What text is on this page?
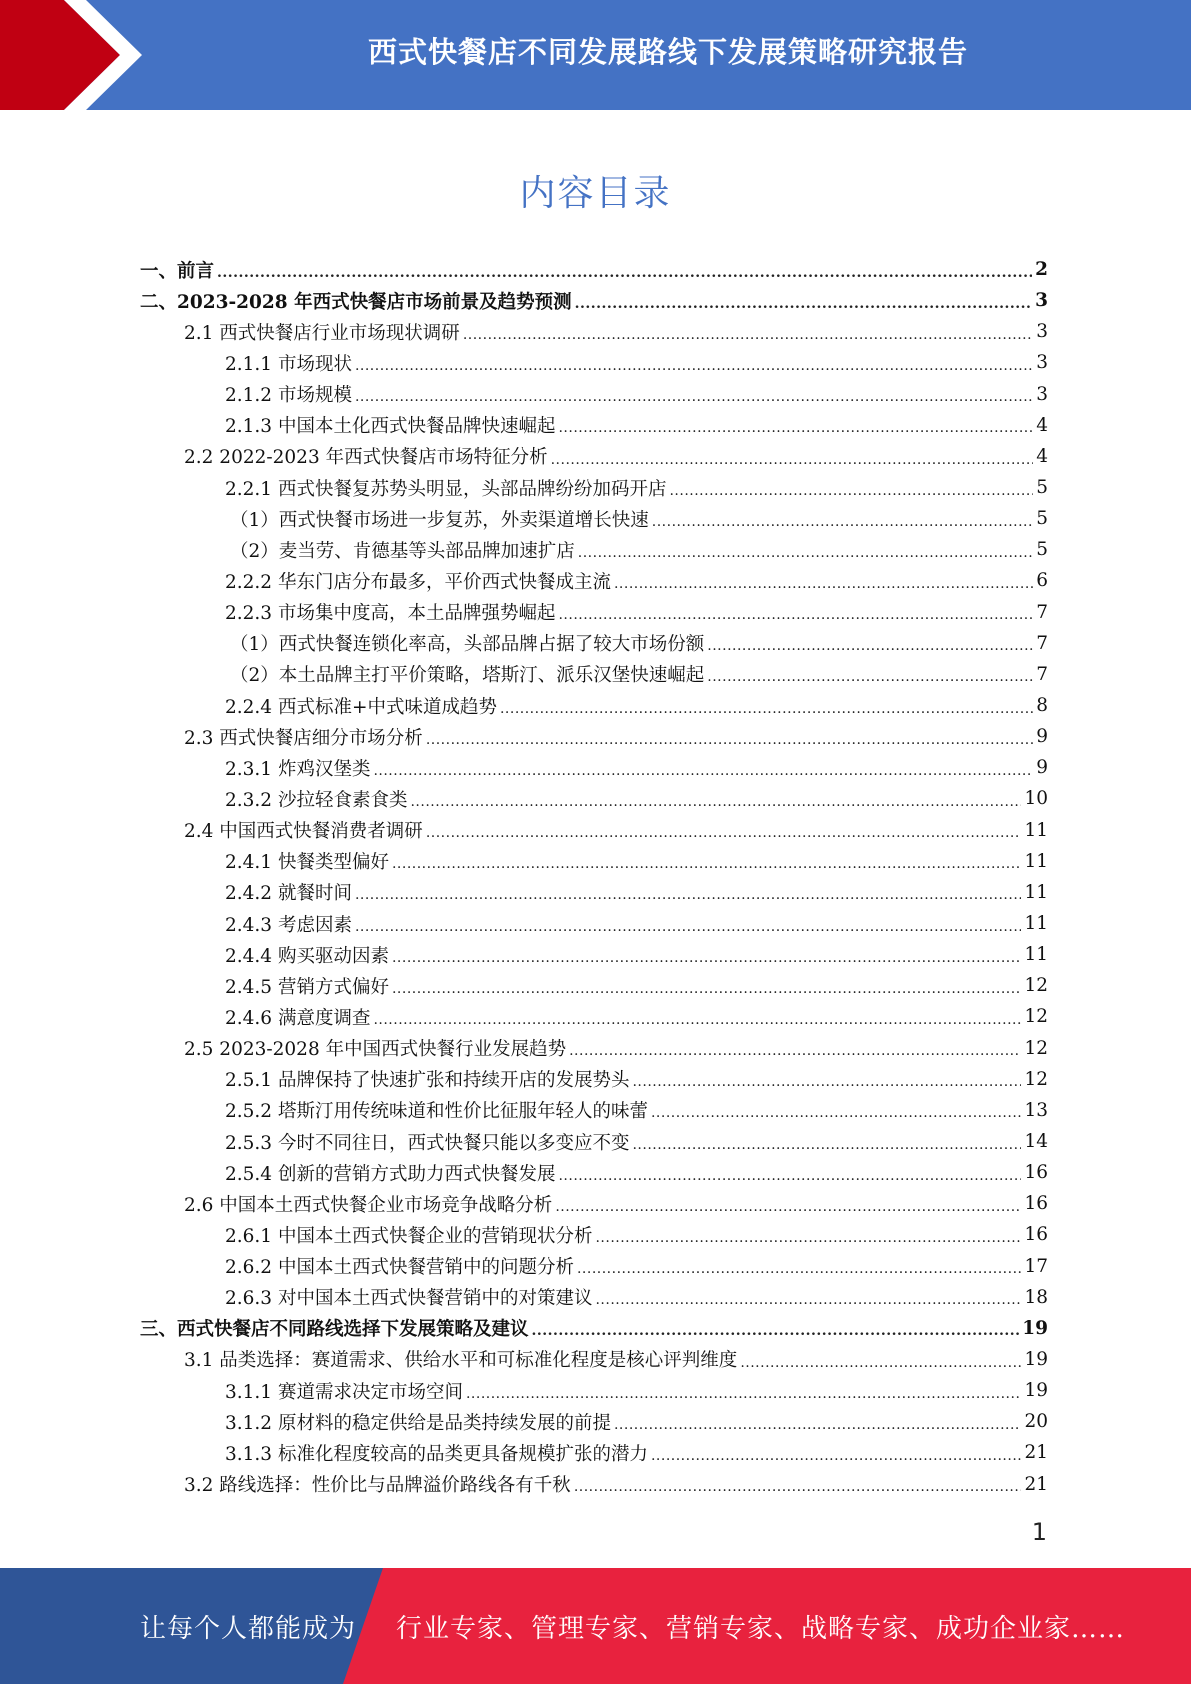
西式快餐店不同发展路线下发展策略研究报告
内容目录
一、前言 .....	2
二、2023-2028 年西式快餐店市场前景及趋势预测 .....	3
2.1 西式快餐店行业市场现状调研 .....	3
2.1.1 市场现状 .....	3
2.1.2 市场规模 .....	3
2.1.3 中国本土化西式快餐品牌快速崛起 .....	4
2.2 2022-2023 年西式快餐店市场特征分析 .....	4
2.2.1 西式快餐复苏势头明显，头部品牌纷纷加码开店 .....	5
（1）西式快餐市场进一步复苏，外卖渠道增长快速 .....	5
（2）麦当劳、肯德基等头部品牌加速扩店 .....	5
2.2.2 华东门店分布最多，平价西式快餐成主流 .....	6
2.2.3 市场集中度高，本土品牌强势崛起 .....	7
（1）西式快餐连锁化率高，头部品牌占据了较大市场份额 .....	7
（2）本土品牌主打平价策略，塔斯汀、派乐汉堡快速崛起 .....	7
2.2.4 西式标准+中式味道成趋势 .....	8
2.3 西式快餐店细分市场分析 .....	9
2.3.1 炸鸡汉堡类 .....	9
2.3.2 沙拉轻食素食类 .....	10
2.4 中国西式快餐消费者调研 .....	11
2.4.1 快餐类型偏好 .....	11
2.4.2 就餐时间 .....	11
2.4.3 考虑因素 .....	11
2.4.4 购买驱动因素 .....	11
2.4.5 营销方式偏好 .....	12
2.4.6 满意度调查 .....	12
2.5 2023-2028 年中国西式快餐行业发展趋势 .....	12
2.5.1 品牌保持了快速扩张和持续开店的发展势头 .....	12
2.5.2 塔斯汀用传统味道和性价比征服年轻人的味蕾 .....	13
2.5.3 今时不同往日，西式快餐只能以多变应不变 .....	14
2.5.4 创新的营销方式助力西式快餐发展 .....	16
2.6 中国本土西式快餐企业市场竞争战略分析 .....	16
2.6.1 中国本土西式快餐企业的营销现状分析 .....	16
2.6.2 中国本土西式快餐营销中的问题分析 .....	17
2.6.3 对中国本土西式快餐营销中的对策建议 .....	18
三、西式快餐店不同路线选择下发展策略及建议 .....	19
3.1 品类选择：赛道需求、供给水平和可标准化程度是核心评判维度 .....	19
3.1.1 赛道需求决定市场空间 .....	19
3.1.2 原材料的稳定供给是品类持续发展的前提 .....	20
3.1.3 标准化程度较高的品类更具备规模扩张的潜力 .....	21
3.2 路线选择：性价比与品牌溢价路线各有千秋 .....	21
1
让每个人都能成为 行业专家、管理专家、营销专家、战略专家、成功企业家……
